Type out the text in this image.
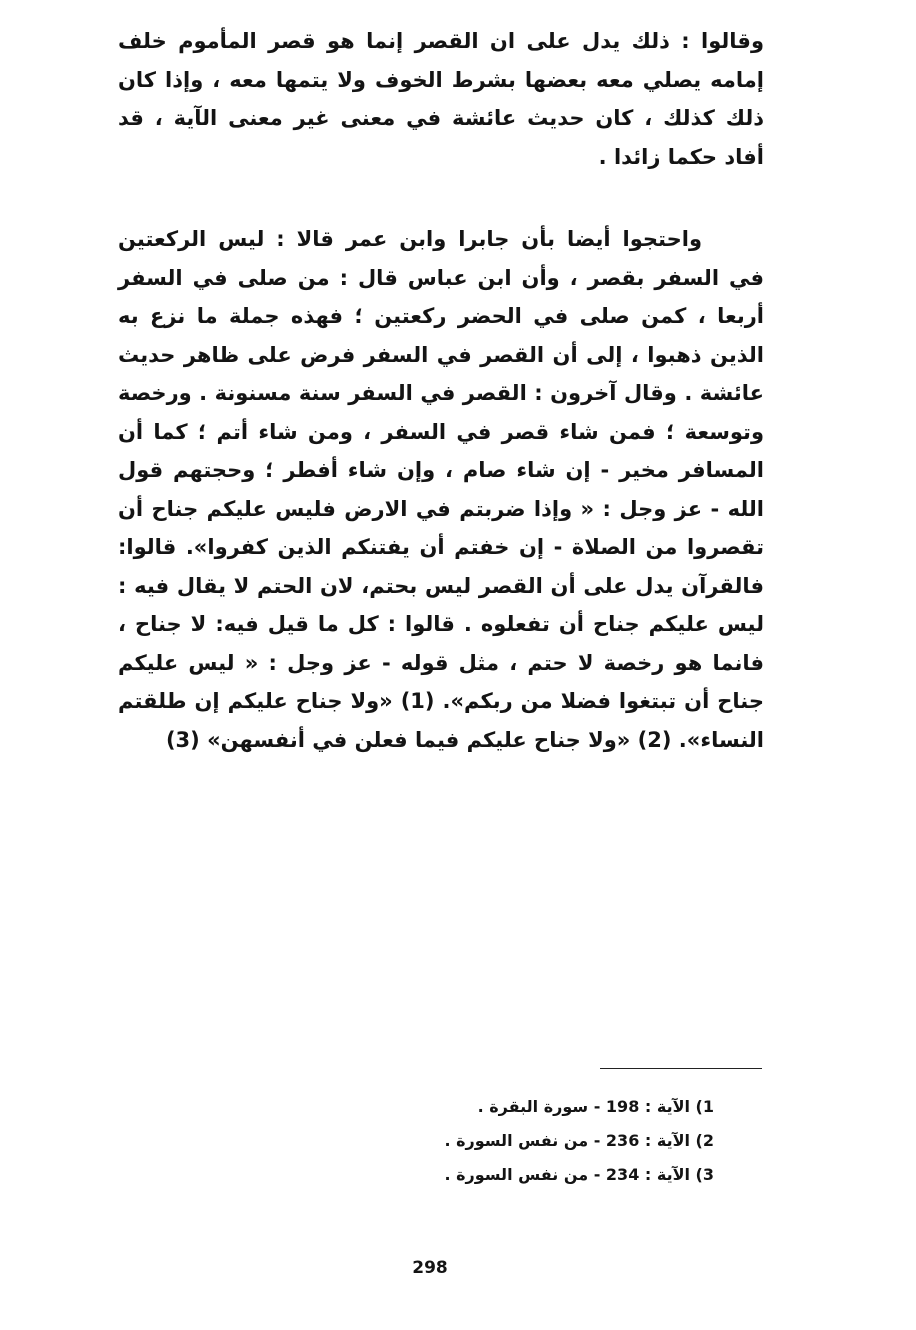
وقالوا : ذلك يدل على ان القصر إنما هو قصر المأموم خلف إمامه يصلي معه بعضها بشرط الخوف ولا يتمها معه ، وإذا كان ذلك كذلك ، كان حديث عائشة في معنى غير معنى الآية ، قد أفاد حكما زائدا .

واحتجوا أيضا بأن جابرا وابن عمر قالا : ليس الركعتين في السفر بقصر ، وأن ابن عباس قال : من صلى في السفر أربعا ، كمن صلى في الحضر ركعتين ؛ فهذه جملة ما نزع به الذين ذهبوا ، إلى أن القصر في السفر فرض على ظاهر حديث عائشة . وقال آخرون : القصر في السفر سنة مسنونة . ورخصة وتوسعة ؛ فمن شاء قصر في السفر ، ومن شاء أتم ؛ كما أن المسافر مخير - إن شاء صام ، وإن شاء أفطر ؛ وحجتهم قول الله - عز وجل : « وإذا ضربتم في الارض فليس عليكم جناح أن تقصروا من الصلاة - إن خفتم أن يفتنكم الذين كفروا». قالوا: فالقرآن يدل على أن القصر ليس بحتم، لان الحتم لا يقال فيه : ليس عليكم جناح أن تفعلوه . قالوا : كل ما قيل فيه: لا جناح ، فانما هو رخصة لا حتم ، مثل قوله - عز وجل : « ليس عليكم جناح أن تبتغوا فضلا من ربكم». (1) «ولا جناح عليكم إن طلقتم النساء». (2) «ولا جناح عليكم فيما فعلن في أنفسهن» (3)

1) الآية : 198 - سورة البقرة .
2) الآية : 236 - من نفس السورة .
3) الآية : 234 - من نفس السورة .
298
